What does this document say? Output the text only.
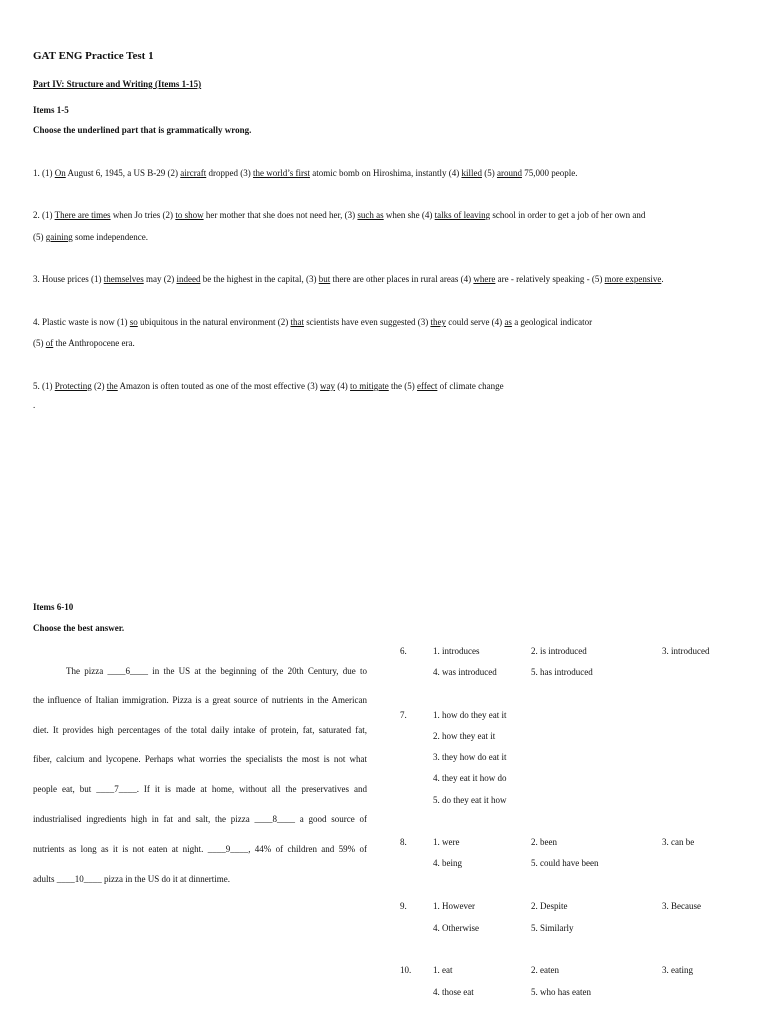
GAT ENG Practice Test 1
Part IV: Structure and Writing (Items 1-15)
Items 1-5
Choose the underlined part that is grammatically wrong.
1. (1) On August 6, 1945, a US B-29 (2) aircraft dropped (3) the world’s first atomic bomb on Hiroshima, instantly (4) killed (5) around 75,000 people.
2. (1) There are times when Jo tries (2) to show her mother that she does not need her, (3) such as when she (4) talks of leaving school in order to get a job of her own and
(5) gaining some independence.
3. House prices (1) themselves may (2) indeed be the highest in the capital, (3) but there are other places in rural areas (4) where are - relatively speaking - (5) more expensive.
4. Plastic waste is now (1) so ubiquitous in the natural environment (2) that scientists have even suggested (3) they could serve (4) as a geological indicator
(5) of the Anthropocene era.
5. (1) Protecting (2) the Amazon is often touted as one of the most effective (3) way (4) to mitigate the (5) effect of climate change
.
Items 6-10
Choose the best answer.
The pizza ____6____ in the US at the beginning of the 20th Century, due to
the influence of Italian immigration. Pizza is a great source of nutrients in the American
diet. It provides high percentages of the total daily intake of protein, fat, saturated fat,
fiber, calcium and lycopene. Perhaps what worries the specialists the most is not what
people eat, but ____7____. If it is made at home, without all the preservatives and
industrialised ingredients high in fat and salt, the pizza ____8____ a good source of
nutrients as long as it is not eaten at night. ____9____, 44% of children and 59% of
adults ____10____ pizza in the US do it at dinnertime.
6.	1. introduces	2. is introduced	3. introduced
4. was introduced	5. has introduced
7.	1. how do they eat it
2. how they eat it
3. they how do eat it
4. they eat it how do
5. do they eat it how
8.	1. were	2. been	3. can be
4. being	5. could have been
9.	1. However	2. Despite	3. Because
4. Otherwise	5. Similarly
10. 1. eat	2. eaten	3. eating
4. those eat	5. who has eaten
